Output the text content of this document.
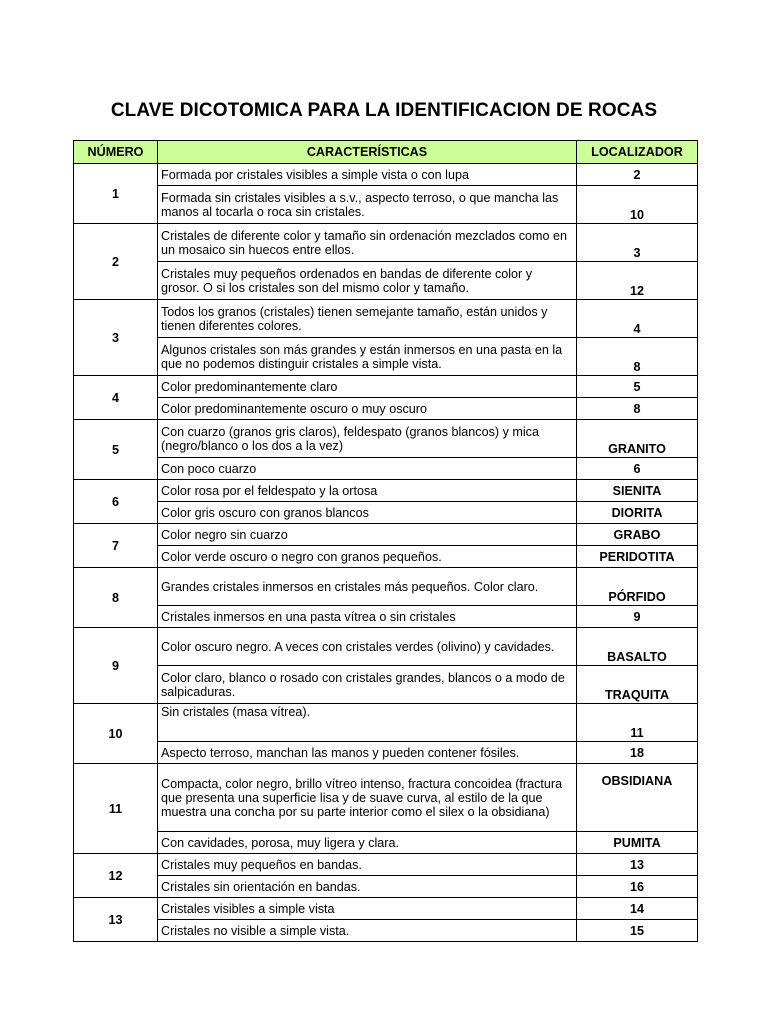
CLAVE DICOTOMICA PARA LA IDENTIFICACION DE ROCAS
NÚMERO	CARACTERÍSTICAS	LOCALIZADOR
1	Formada por cristales visibles a simple vista o con lupa	2
	Formada sin cristales visibles a s.v., aspecto terroso, o que mancha las manos al tocarla o roca sin cristales.	10
2	Cristales de diferente color y tamaño sin ordenación mezclados como en un mosaico sin huecos entre ellos.	3
	Cristales muy pequeños ordenados en bandas de diferente color y grosor. O si los cristales son del mismo color y tamaño.	12
3	Todos los granos (cristales) tienen semejante tamaño, están unidos y tienen diferentes colores.	4
	Algunos cristales son más grandes y están inmersos en una pasta en la que no podemos distinguir cristales a simple vista.	8
4	Color predominantemente claro	5
	Color predominantemente oscuro o muy oscuro	8
5	Con cuarzo (granos gris claros), feldespato (granos blancos) y mica (negro/blanco o los dos a la vez)	GRANITO
	Con poco cuarzo	6
6	Color rosa por el feldespato y la ortosa	SIENITA
	Color gris oscuro con granos blancos	DIORITA
7	Color negro sin cuarzo	GRABO
	Color verde oscuro o negro con granos pequeños.	PERIDOTITA
8	Grandes cristales inmersos en cristales más pequeños. Color claro.	PÓRFIDO
	Cristales inmersos en una pasta vítrea o sin cristales	9
9	Color oscuro negro. A veces con cristales verdes (olivino) y cavidades.	BASALTO
	Color claro, blanco o rosado con cristales grandes, blancos o a modo de salpicaduras.	TRAQUITA
10	Sin cristales (masa vítrea).	11
	Aspecto terroso, manchan las manos y pueden contener fósiles.	18
11	Compacta, color negro, brillo vítreo intenso, fractura concoidea (fractura que presenta una superficie lisa y de suave curva, al estilo de la que muestra una concha por su parte interior como el silex o la obsidiana)	OBSIDIANA
	Con cavidades, porosa, muy ligera y clara.	PUMITA
12	Cristales muy pequeños en bandas.	13
	Cristales sin orientación en bandas.	16
13	Cristales visibles a simple vista	14
	Cristales no visible a simple vista.	15
